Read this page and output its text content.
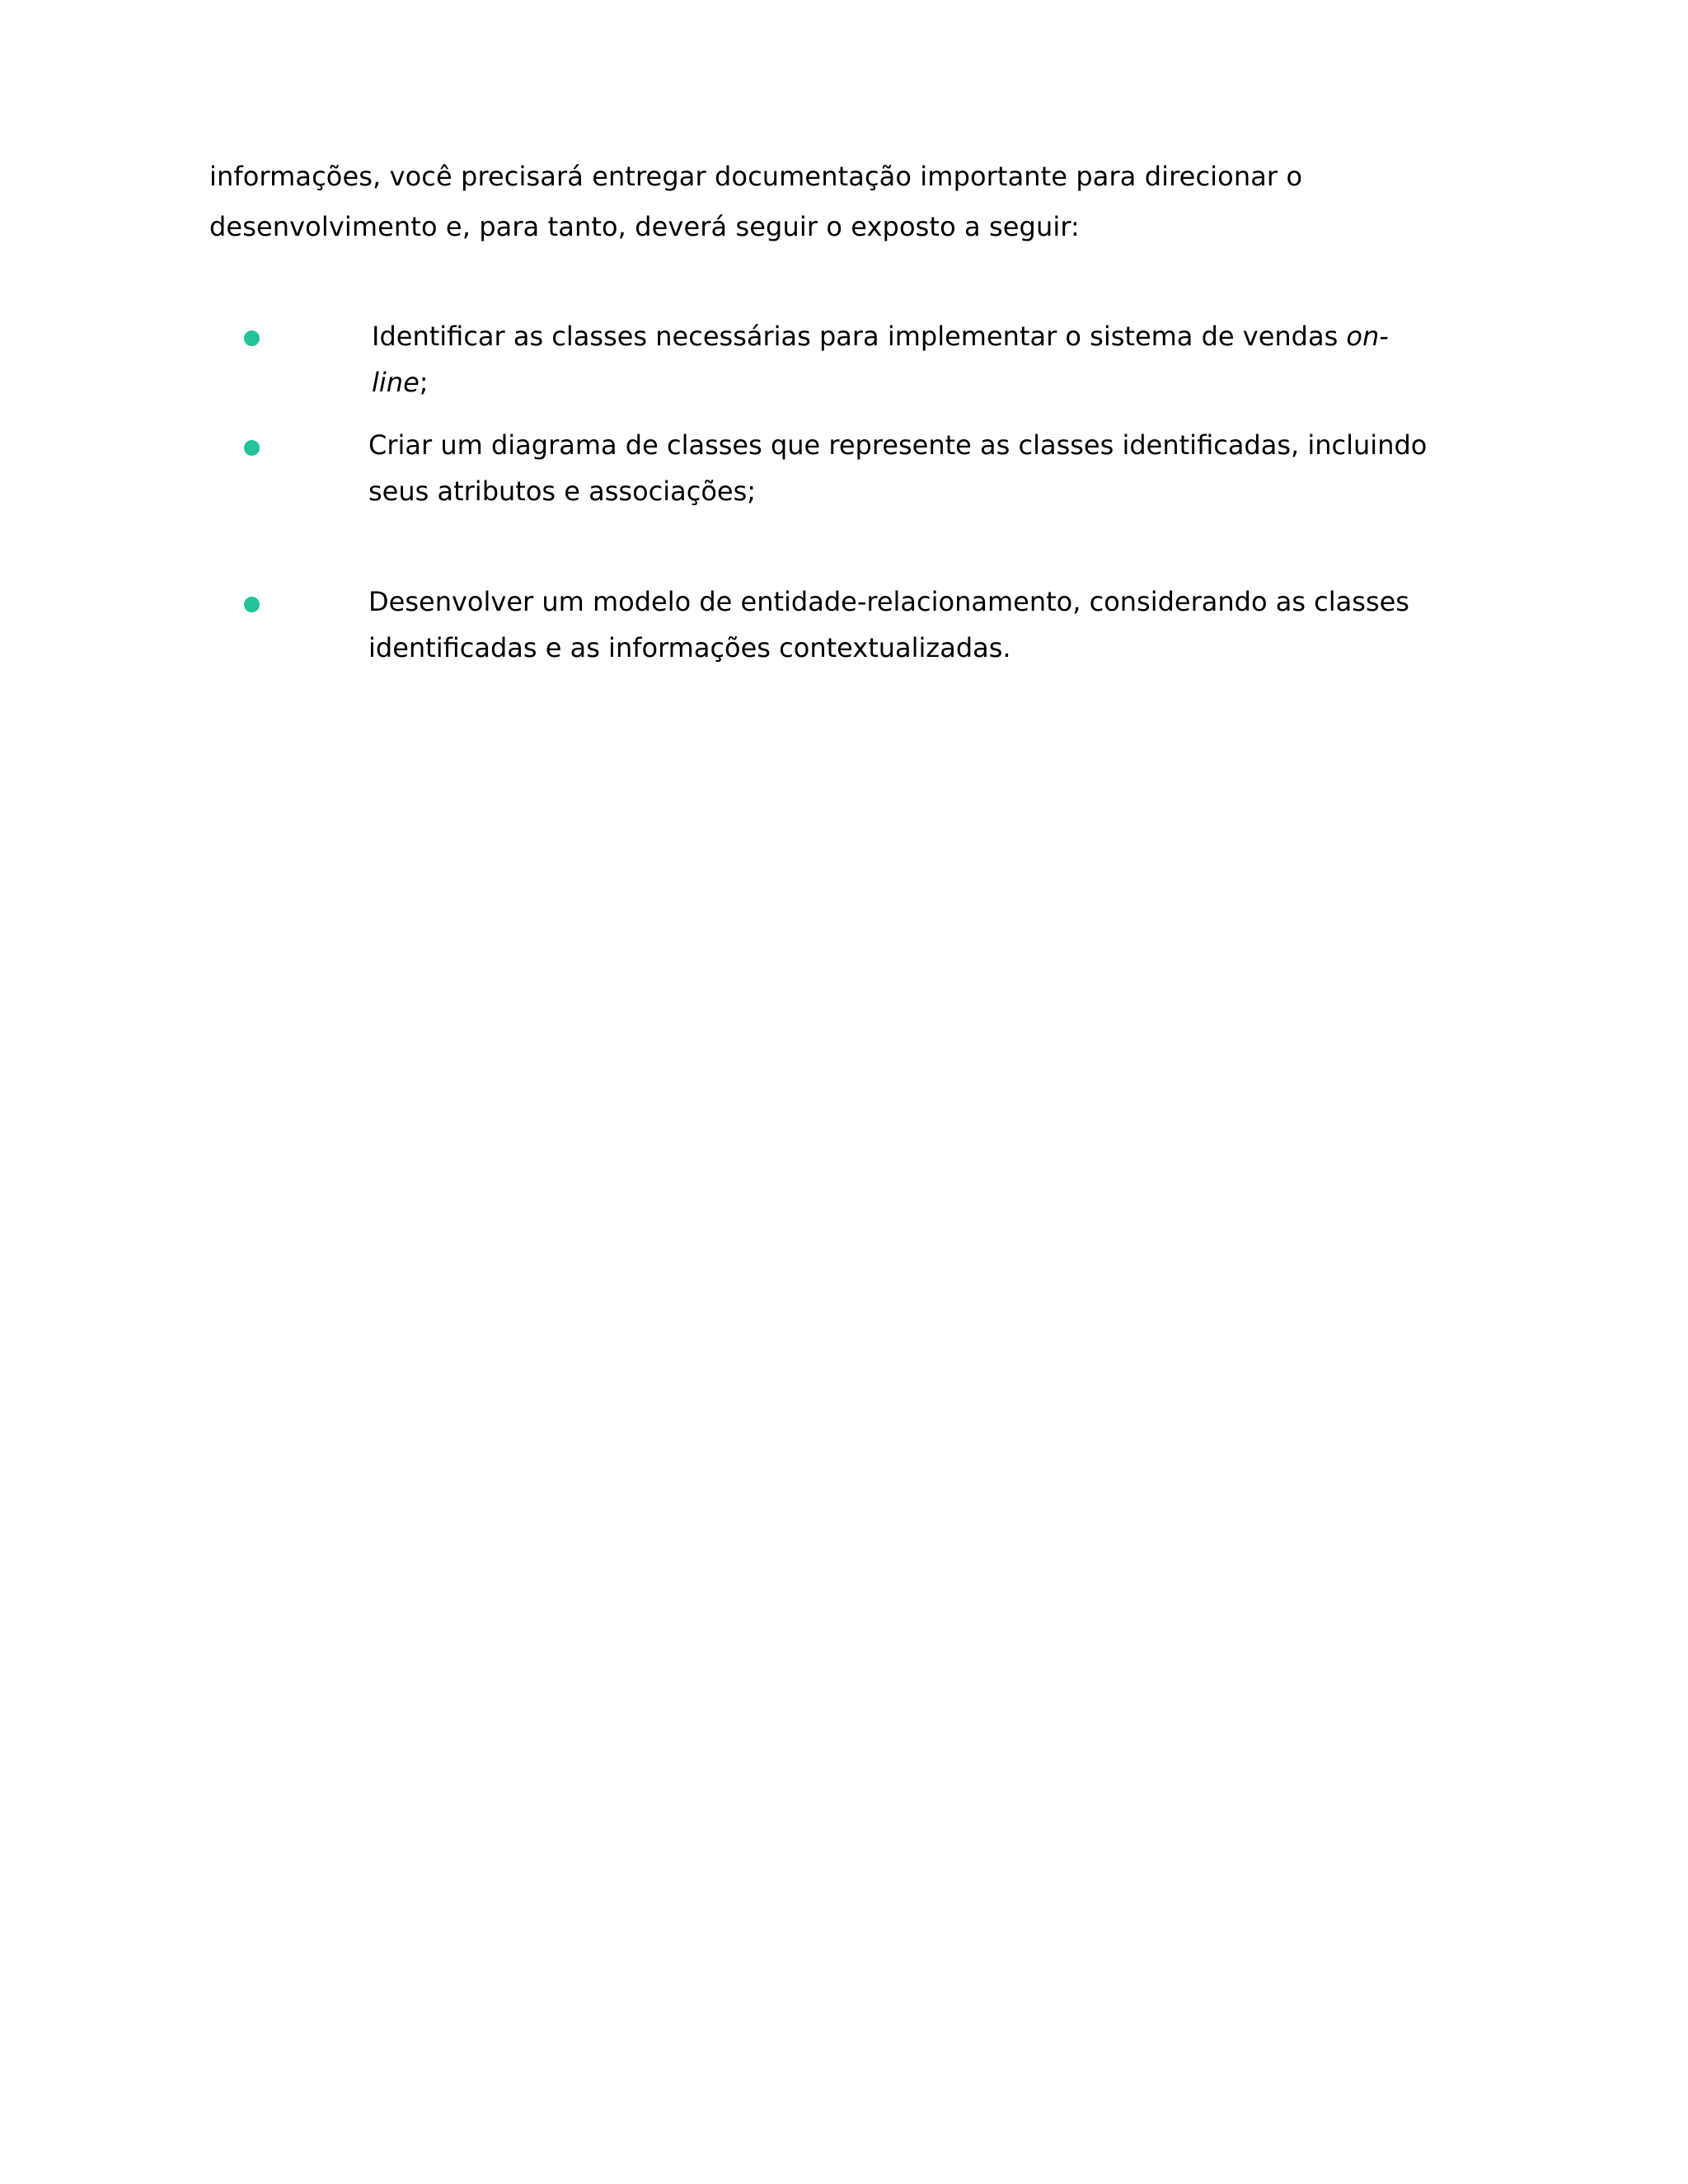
informações, você precisará entregar documentação importante para direcionar o desenvolvimento e, para tanto, deverá seguir o exposto a seguir:

Identificar as classes necessárias para implementar o sistema de vendas on-line;

Criar um diagrama de classes que represente as classes identificadas, incluindo seus atributos e associações;

Desenvolver um modelo de entidade-relacionamento, considerando as classes identificadas e as informações contextualizadas.
